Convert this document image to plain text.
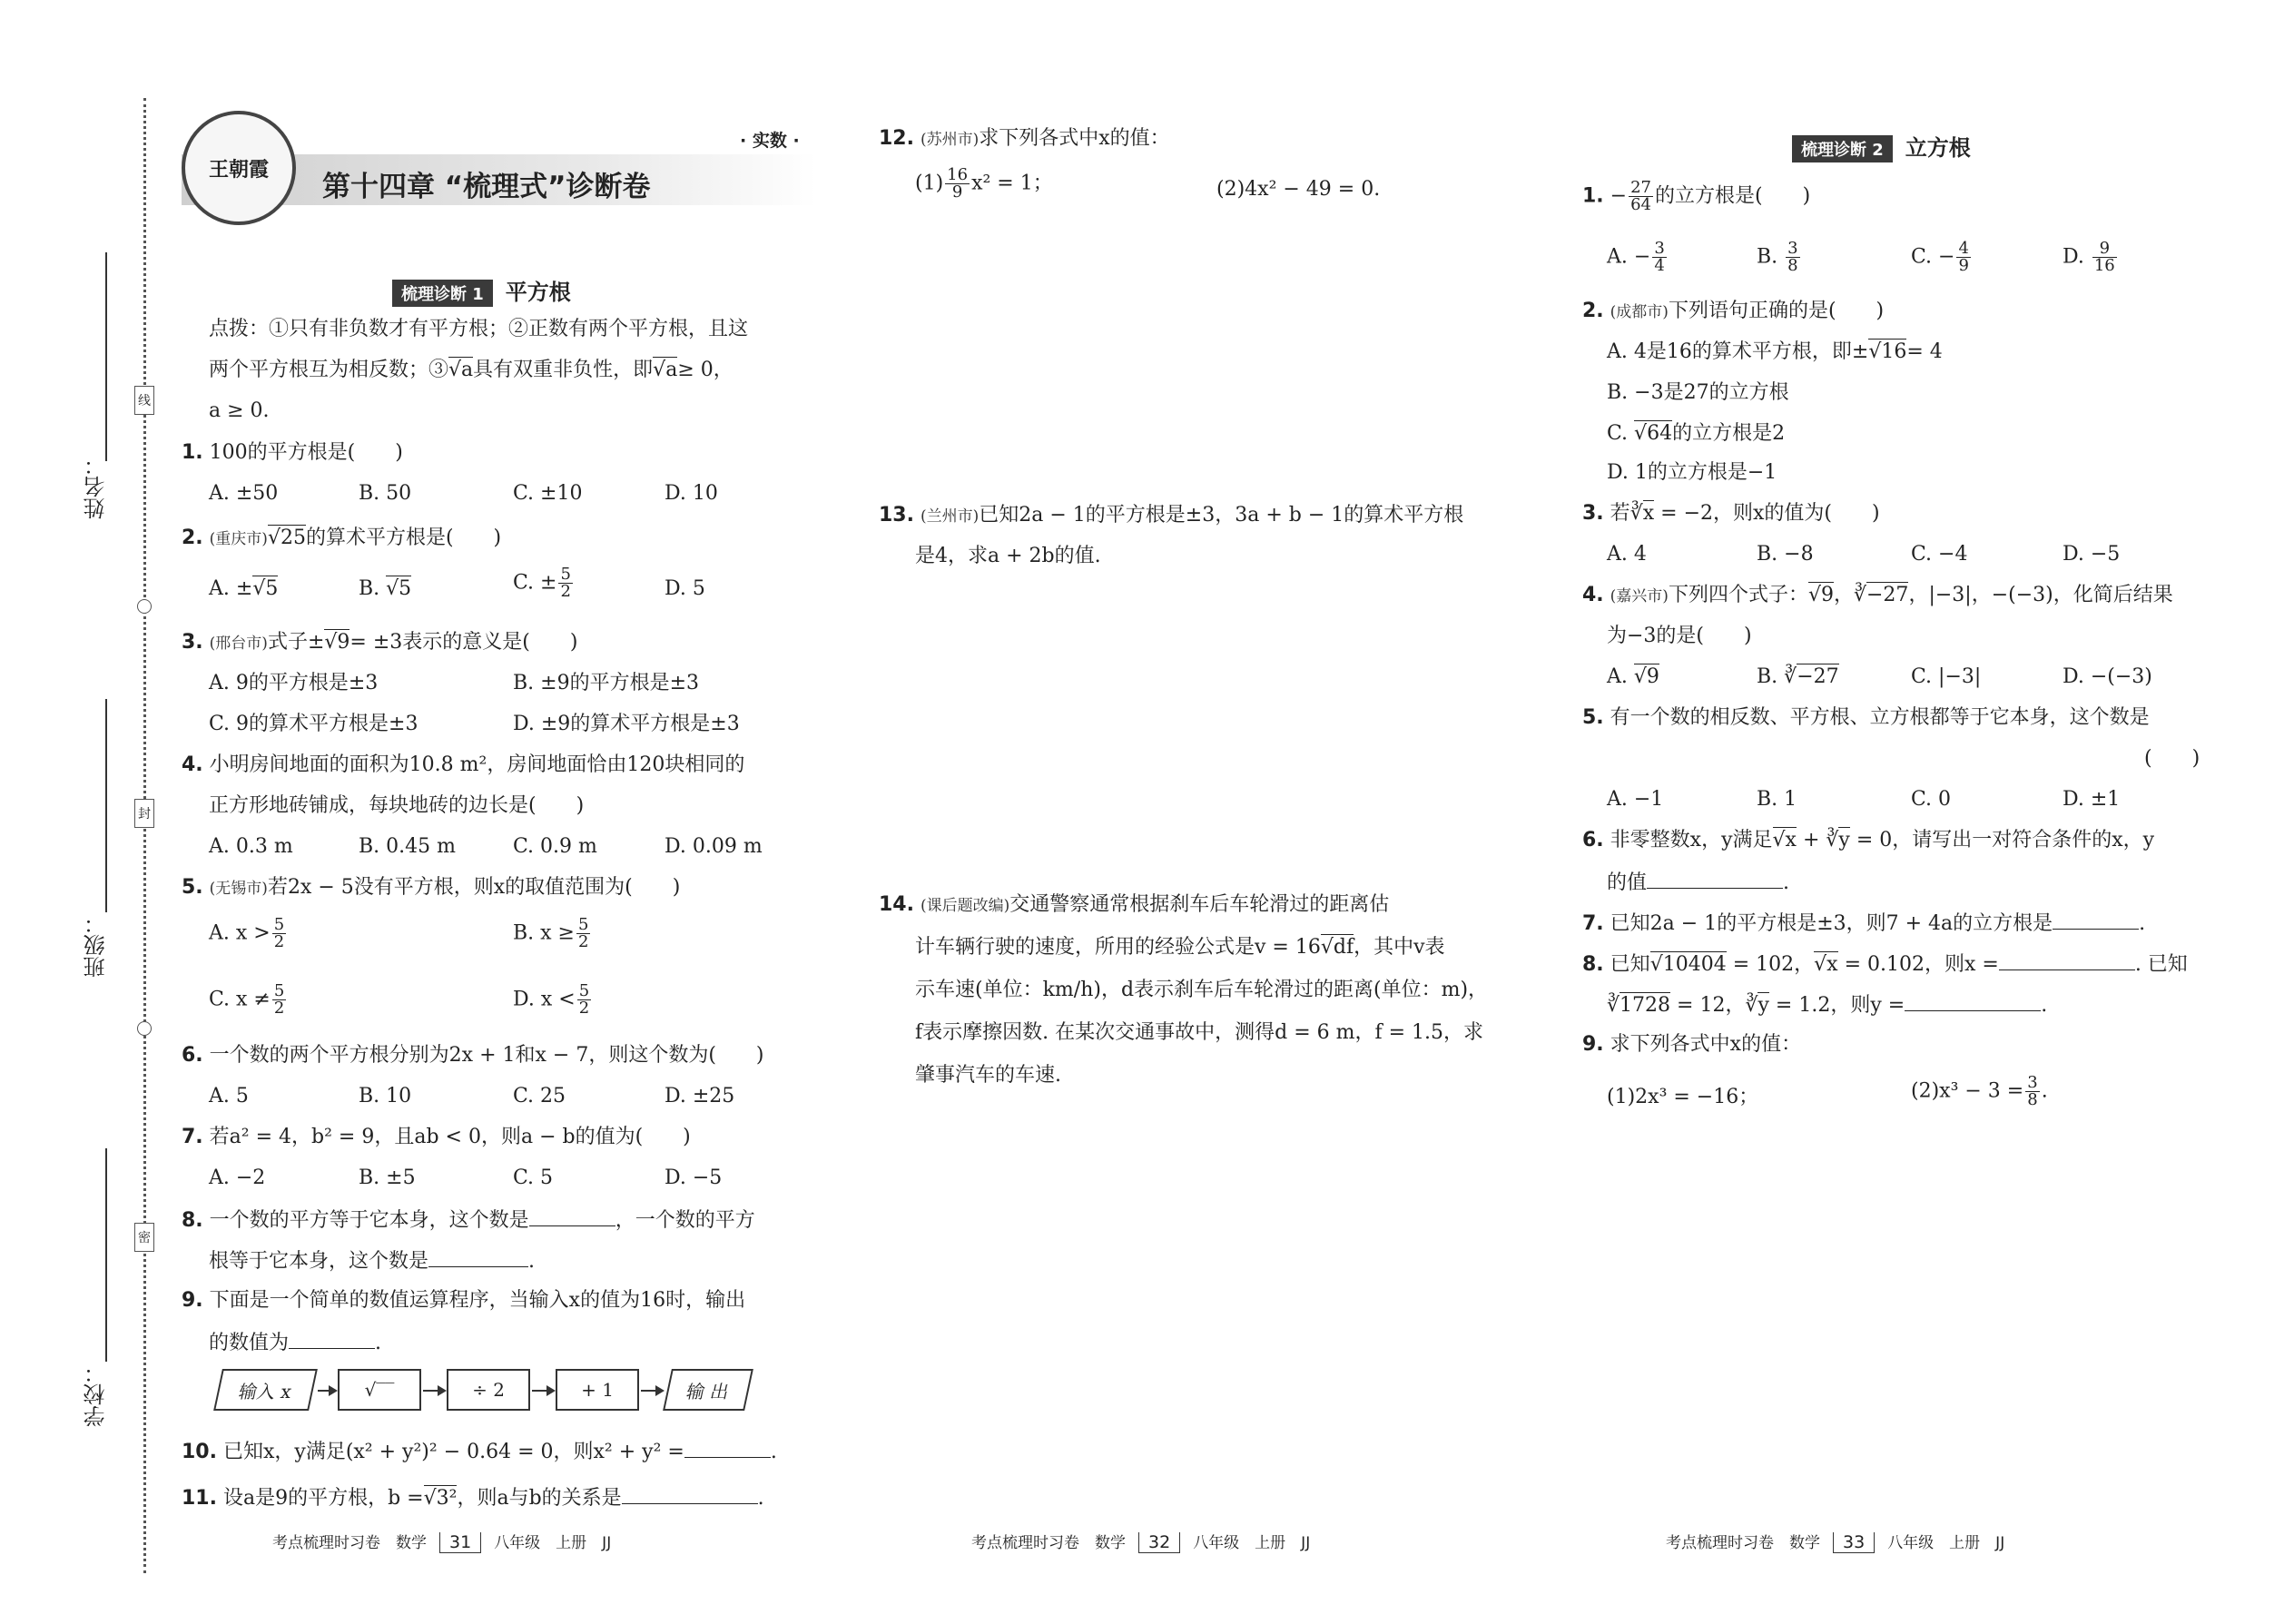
姓名：
班级：
学校：
线
封
密
王朝霞
第十四章 “梳理式”诊断卷
· 实数 ·
梳理诊断 1 平方根
点拨：①只有非负数才有平方根；②正数有两个平方根，且这
两个平方根互为相反数；③√a具有双重非负性，即√a≥ 0，
a ≥ 0.
1. 100的平方根是(　　)
A. ±50	B. 50	C. ±10	D. 10
2. (重庆市)√25的算术平方根是(　　)
A. ±√5	B. √5	C. ± $\frac{5}{2}$	D. 5
3. (邢台市)式子±√9= ±3表示的意义是(　　)
A. 9的平方根是±3	B. ±9的平方根是±3
C. 9的算术平方根是±3	D. ±9的算术平方根是±3
4. 小明房间地面的面积为10.8 m²，房间地面恰由120块相同的
正方形地砖铺成，每块地砖的边长是(　　)
A. 0.3 m	B. 0.45 m	C. 0.9 m	D. 0.09 m
5. (无锡市)若2x − 5没有平方根，则x的取值范围为(　　)
A. $x > \frac{5}{2}$	B. $x \ge \frac{5}{2}$
C. $x \ne \frac{5}{2}$	D. $x < \frac{5}{2}$
6. 一个数的两个平方根分别为2x + 1和x − 7，则这个数为(　　)
A. 5	B. 10	C. 25	D. ±25
7. 若a² = 4，b² = 9，且ab < 0，则a − b的值为(　　)
A. −2	B. ±5	C. 5	D. −5
8. 一个数的平方等于它本身，这个数是	，一个数的平方
根等于它本身，这个数是	.
9. 下面是一个简单的数值运算程序，当输入x的值为16时，输出
的数值为	.
输入 x	√‾‾	÷ 2	+ 1	输 出
10. 已知x，y满足(x² + y²)² − 0.64 = 0，则x² + y² =	.
11. 设a是9的平方根，b =√3²，则a与b的关系是	.
12. (苏州市)求下列各式中x的值：
$(1) \frac{16}{9} x^2 = 1$；	(2)4x² − 49 = 0.
13. (兰州市)已知2a − 1的平方根是±3，3a + b − 1的算术平方根
是4，求a + 2b的值.
14. (课后题改编)交通警察通常根据刹车后车轮滑过的距离估
计车辆行驶的速度，所用的经验公式是v = 16√df，其中v表
示车速(单位：km/h)，d表示刹车后车轮滑过的距离(单位：m)，
f表示摩擦因数. 在某次交通事故中，测得d = 6 m，f = 1.5，求
肇事汽车的车速.
梳理诊断 2 立方根
1. − $\frac{27}{64}$ 的立方根是(　　)
A. − $\frac{3}{4}$	B. $\frac{3}{8}$	C. − $\frac{4}{9}$	D. $\frac{9}{16}$
2. (成都市)下列语句正确的是(　　)
A. 4是16的算术平方根，即±√16= 4
B. −3是27的立方根
C. √64的立方根是2
D. 1的立方根是−1
3. 若∛x = −2，则x的值为(　　)
A. 4	B. −8	C. −4	D. −5
4. (嘉兴市)下列四个式子：√9，∛−27，|−3|，−(−3)，化简后结果
为−3的是(　　)
A. √9	B. ∛−27	C. |−3|	D. −(−3)
5. 有一个数的相反数、平方根、立方根都等于它本身，这个数是
(　　)
A. −1	B. 1	C. 0	D. ±1
6. 非零整数x，y满足√x + ∛y = 0，请写出一对符合条件的x，y
的值	.
7. 已知2a − 1的平方根是±3，则7 + 4a的立方根是	.
8. 已知√10404 = 102，√x = 0.102，则x =	. 已知
∛1728 = 12，∛y = 1.2，则y =	.
9. 求下列各式中x的值：
(1)2x³ = −16；	$(2)x^3 - 3 = \frac{3}{8}$ .
考点梳理时习卷　数学 31 八年级　上册　JJ	考点梳理时习卷　数学 32 八年级　上册　JJ	考点梳理时习卷　数学 33 八年级　上册　JJ
